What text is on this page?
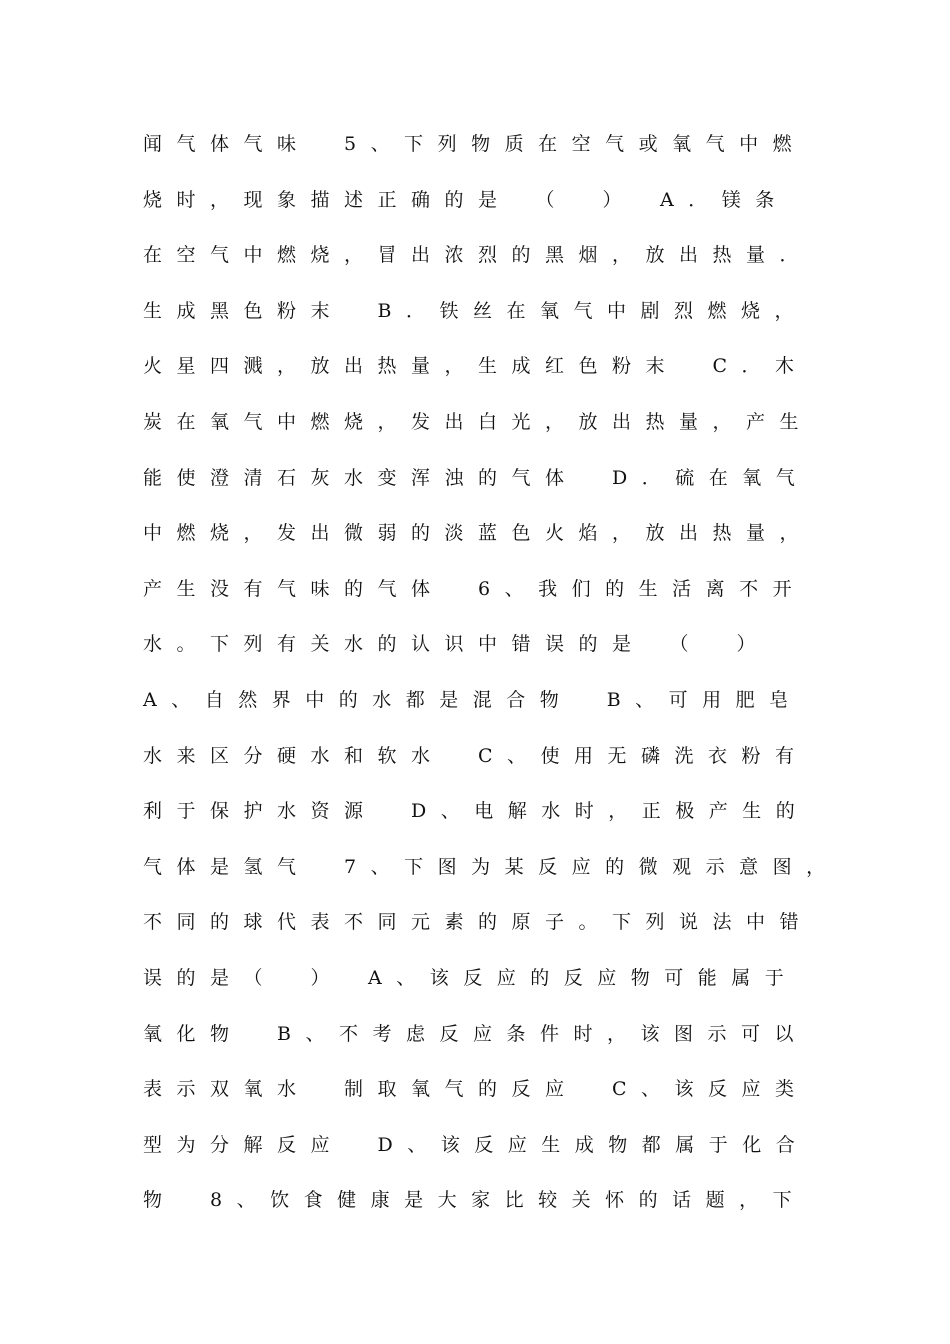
闻气体气味　5、下列物质在空气或氧气中燃
烧时，现象描述正确的是　（　）　A．镁条
在空气中燃烧，冒出浓烈的黑烟，放出热量．
生成黑色粉末　B．铁丝在氧气中剧烈燃烧，
火星四溅，放出热量，生成红色粉末　C．木
炭在氧气中燃烧，发出白光，放出热量，产生
能使澄清石灰水变浑浊的气体　D．硫在氧气
中燃烧，发出微弱的淡蓝色火焰，放出热量，
产生没有气味的气体　6、我们的生活离不开
水。下列有关水的认识中错误的是　（　）
A、自然界中的水都是混合物　B、可用肥皂
水来区分硬水和软水　C、使用无磷洗衣粉有
利于保护水资源　D、电解水时，正极产生的
气体是氢气　7、下图为某反应的微观示意图，
不同的球代表不同元素的原子。下列说法中错
误的是（　）　A、该反应的反应物可能属于
氧化物　B、不考虑反应条件时，该图示可以
表示双氧水　制取氧气的反应　C、该反应类
型为分解反应　D、该反应生成物都属于化合
物　8、饮食健康是大家比较关怀的话题，下
